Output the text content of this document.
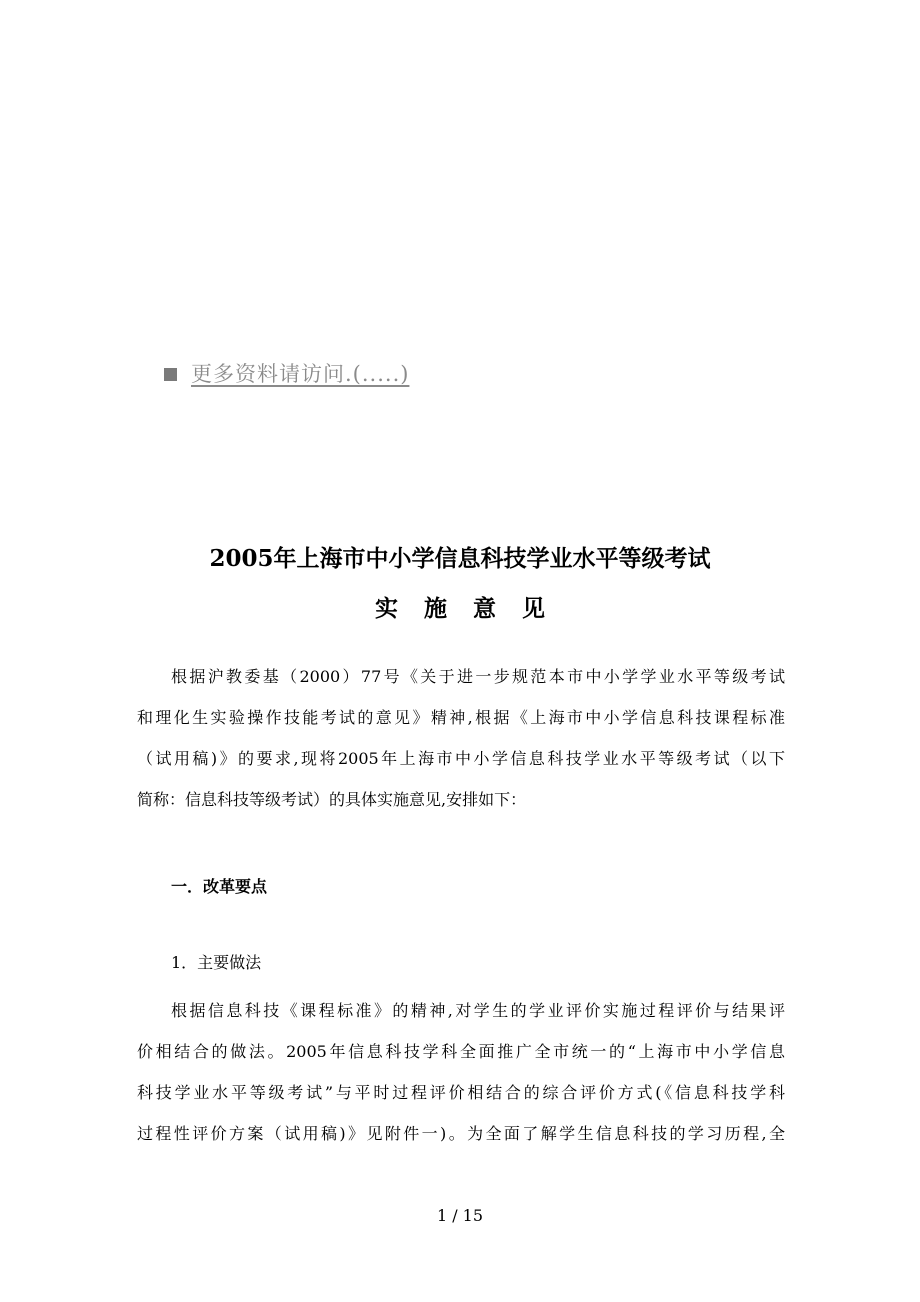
更多资料请访问.(.....)
2005年上海市中小学信息科技学业水平等级考试
实施意见
根据沪教委基（2000）77号《关于进一步规范本市中小学学业水平等级考试
和理化生实验操作技能考试的意见》精神,根据《上海市中小学信息科技课程标准
（试用稿)》的要求,现将2005年上海市中小学信息科技学业水平等级考试（以下
简称：信息科技等级考试）的具体实施意见,安排如下：
一．改革要点
1．主要做法
根据信息科技《课程标准》的精神,对学生的学业评价实施过程评价与结果评
价相结合的做法。2005年信息科技学科全面推广全市统一的“上海市中小学信息
科技学业水平等级考试”与平时过程评价相结合的综合评价方式(《信息科技学科
过程性评价方案（试用稿)》见附件一)。为全面了解学生信息科技的学习历程,全
1 / 15
